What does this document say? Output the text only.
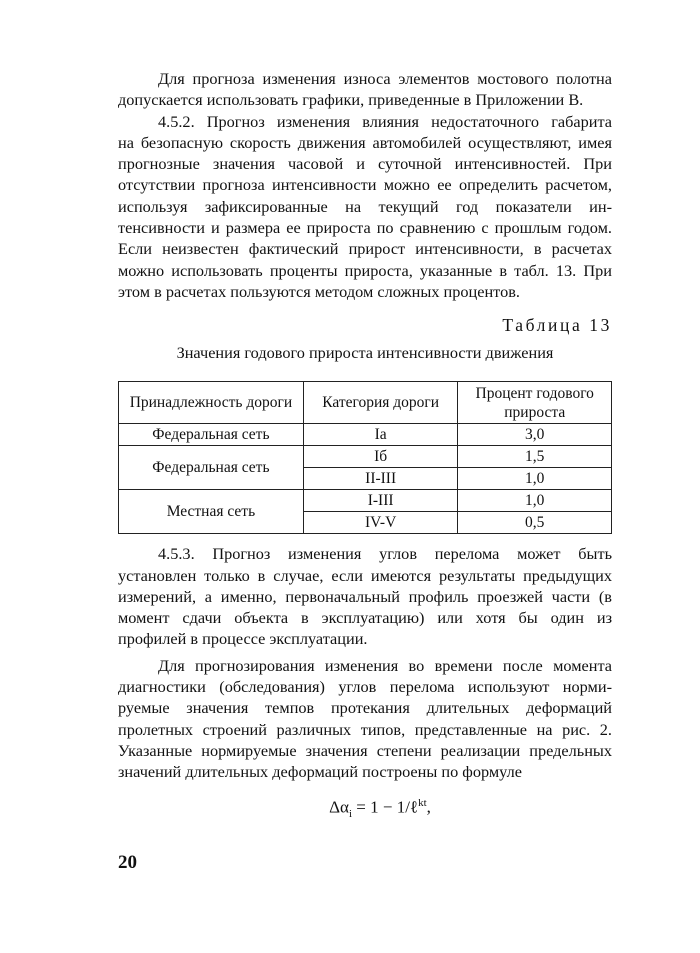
Для прогноза изменения износа элементов мостового полотна
допускается использовать графики, приведенные в Приложении В.

4.5.2. Прогноз изменения влияния недостаточного габарита
на безопасную скорость движения автомобилей осуществляют, имея
прогнозные значения часовой и суточной интенсивностей. При
отсутствии прогноза интенсивности можно ее определить расчетом,
используя зафиксированные на текущий год показатели ин-
тенсивности и размера ее прироста по сравнению с прошлым годом.
Если неизвестен фактический прирост интенсивности, в расчетах
можно использовать проценты прироста, указанные в табл. 13. При
этом в расчетах пользуются методом сложных процентов.

Таблица 13
Значения годового прироста интенсивности движения
Принадлежность дороги	Категория дороги	Процент годового прироста
Федеральная сеть	Ia	3,0
Федеральная сеть	Iб	1,5
	II-III	1,0
Местная сеть	I-III	1,0
	IV-V	0,5

4.5.3. Прогноз изменения углов перелома может быть
установлен только в случае, если имеются результаты предыдущих
измерений, а именно, первоначальный профиль проезжей части (в
момент сдачи объекта в эксплуатацию) или хотя бы один из
профилей в процессе эксплуатации.

Для прогнозирования изменения во времени после момента
диагностики (обследования) углов перелома используют норми-
руемые значения темпов протекания длительных деформаций
пролетных строений различных типов, представленные на рис. 2.
Указанные нормируемые значения степени реализации предельных
значений длительных деформаций построены по формуле

$\Delta\alpha_i = 1$ − 1/ℓ$^{kt}$,
20
